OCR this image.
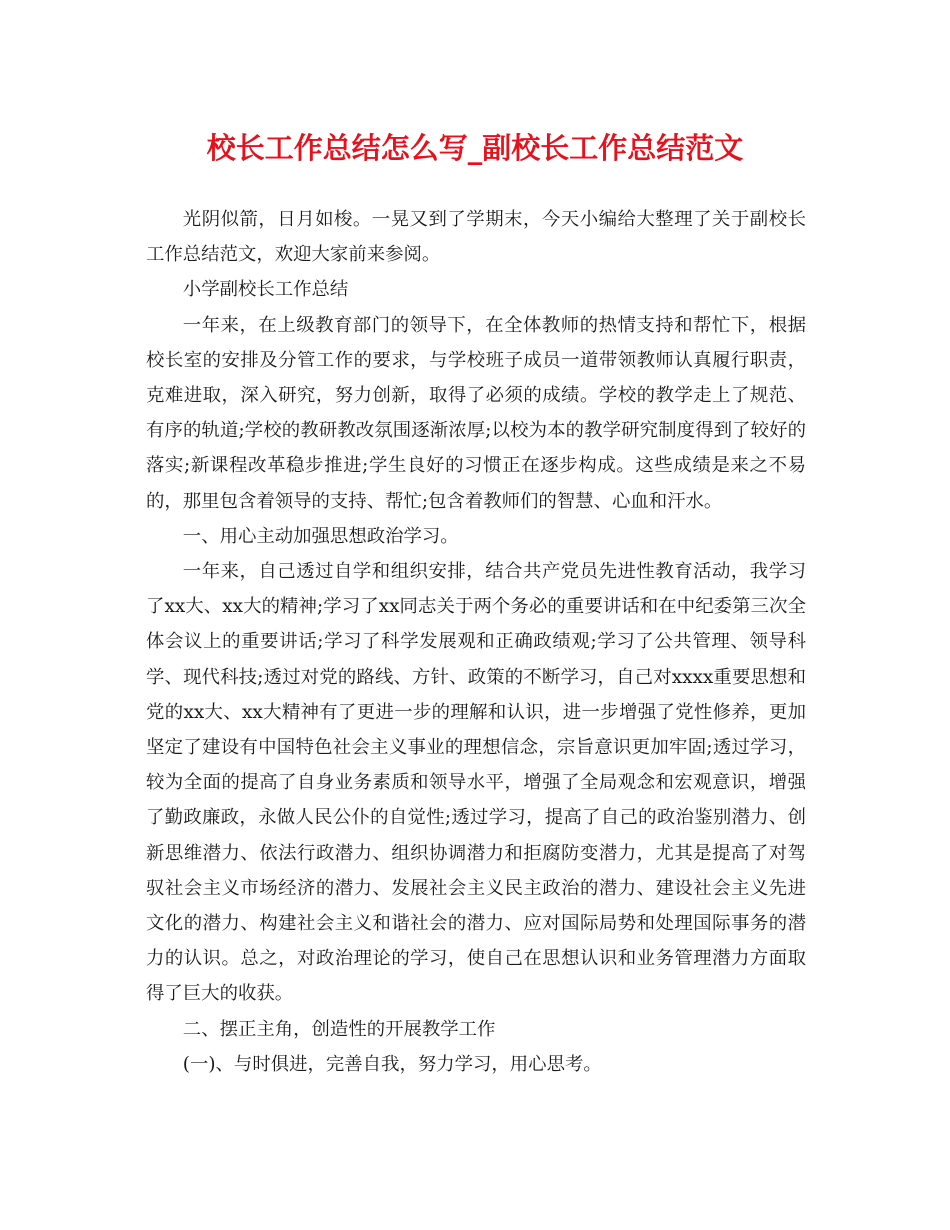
校长工作总结怎么写_副校长工作总结范文

光阴似箭，日月如梭。一晃又到了学期末，今天小编给大整理了关于副校长工作总结范文，欢迎大家前来参阅。

小学副校长工作总结

一年来，在上级教育部门的领导下，在全体教师的热情支持和帮忙下，根据校长室的安排及分管工作的要求，与学校班子成员一道带领教师认真履行职责，克难进取，深入研究，努力创新，取得了必须的成绩。学校的教学走上了规范、有序的轨道;学校的教研教改氛围逐渐浓厚;以校为本的教学研究制度得到了较好的落实;新课程改革稳步推进;学生良好的习惯正在逐步构成。这些成绩是来之不易的，那里包含着领导的支持、帮忙;包含着教师们的智慧、心血和汗水。

一、用心主动加强思想政治学习。

一年来，自己透过自学和组织安排，结合共产党员先进性教育活动，我学习了xx大、xx大的精神;学习了xx同志关于两个务必的重要讲话和在中纪委第三次全体会议上的重要讲话;学习了科学发展观和正确政绩观;学习了公共管理、领导科学、现代科技;透过对党的路线、方针、政策的不断学习，自己对xxxx重要思想和党的xx大、xx大精神有了更进一步的理解和认识，进一步增强了党性修养，更加坚定了建设有中国特色社会主义事业的理想信念，宗旨意识更加牢固;透过学习，较为全面的提高了自身业务素质和领导水平，增强了全局观念和宏观意识，增强了勤政廉政，永做人民公仆的自觉性;透过学习，提高了自己的政治鉴别潜力、创新思维潜力、依法行政潜力、组织协调潜力和拒腐防变潜力，尤其是提高了对驾驭社会主义市场经济的潜力、发展社会主义民主政治的潜力、建设社会主义先进文化的潜力、构建社会主义和谐社会的潜力、应对国际局势和处理国际事务的潜力的认识。总之，对政治理论的学习，使自己在思想认识和业务管理潜力方面取得了巨大的收获。

二、摆正主角，创造性的开展教学工作

(一)、与时俱进，完善自我，努力学习，用心思考。
